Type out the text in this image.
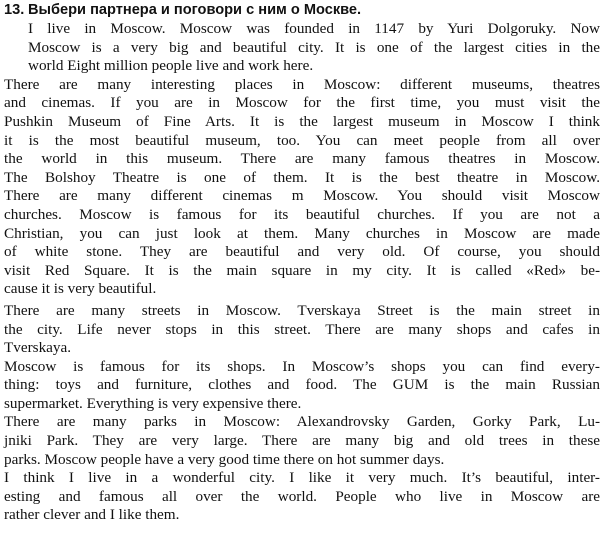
13. Выбери партнера и поговори с ним о Москве.

I live in Moscow. Moscow was founded in 1147 by Yuri Dolgoruky. Now
Moscow is a very big and beautiful city. It is one of the largest cities in the
world Eight million people live and work here.
There are many interesting places in Moscow: different museums, theatres
and cinemas. If you are in Moscow for the first time, you must visit the
Pushkin Museum of Fine Arts. It is the largest museum in Moscow I think
it is the most beautiful museum, too. You can meet people from all over
the world in this museum. There are many famous theatres in Moscow.
The Bolshoy Theatre is one of them. It is the best theatre in Moscow.
There are many different cinemas m Moscow. You should visit Moscow
churches. Moscow is famous for its beautiful churches. If you are not a
Christian, you can just look at them. Many churches in Moscow are made
of white stone. They are beautiful and very old. Of course, you should
visit Red Square. It is the main square in my city. It is called «Red» be-
cause it is very beautiful.
There are many streets in Moscow. Tverskaya Street is the main street in
the city. Life never stops in this street. There are many shops and cafes in
Tverskaya.
Moscow is famous for its shops. In Moscow’s shops you can find every-
thing: toys and furniture, clothes and food. The GUM is the main Russian
supermarket. Everything is very expensive there.
There are many parks in Moscow: Alexandrovsky Garden, Gorky Park, Lu-
jniki Park. They are very large. There are many big and old trees in these
parks. Moscow people have a very good time there on hot summer days.
I think I live in a wonderful city. I like it very much. It’s beautiful, inter-
esting and famous all over the world. People who live in Moscow are
rather clever and I like them.
